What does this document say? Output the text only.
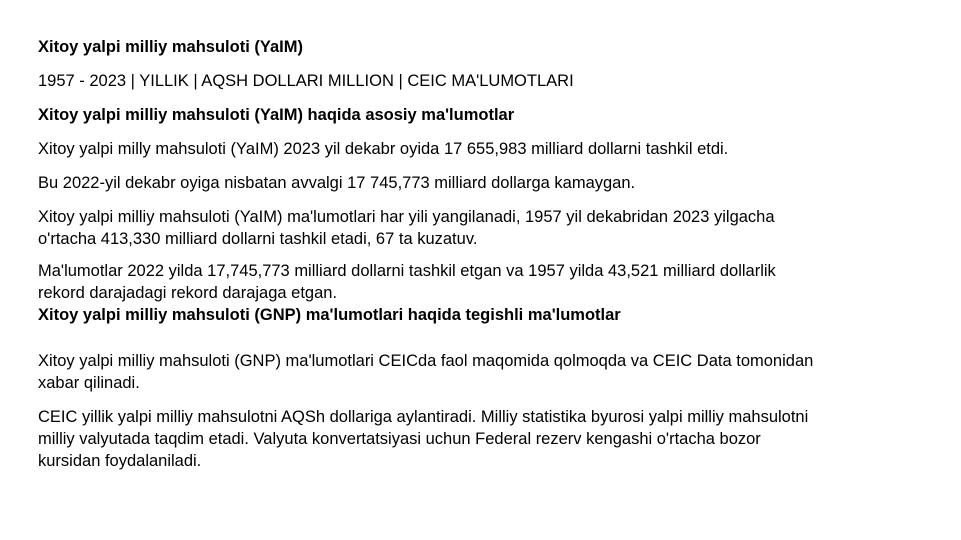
Xitoy yalpi milliy mahsuloti (YaIM)

1957 - 2023 | YILLIK | AQSH DOLLARI MILLION | CEIC MA'LUMOTLARI

Xitoy yalpi milliy mahsuloti (YaIM) haqida asosiy ma'lumotlar

Xitoy yalpi milly mahsuloti (YaIM) 2023 yil dekabr oyida 17 655,983 milliard dollarni tashkil etdi.

Bu 2022-yil dekabr oyiga nisbatan avvalgi 17 745,773 milliard dollarga kamaygan.

Xitoy yalpi milliy mahsuloti (YaIM) ma'lumotlari har yili yangilanadi, 1957 yil dekabridan 2023 yilgacha

o'rtacha 413,330 milliard dollarni tashkil etadi, 67 ta kuzatuv.

Ma'lumotlar 2022 yilda 17,745,773 milliard dollarni tashkil etgan va 1957 yilda 43,521 milliard dollarlik

rekord darajadagi rekord darajaga etgan.

Xitoy yalpi milliy mahsuloti (GNP) ma'lumotlari haqida tegishli ma'lumotlar

Xitoy yalpi milliy mahsuloti (GNP) ma'lumotlari CEICda faol maqomida qolmoqda va CEIC Data tomonidan

xabar qilinadi.

CEIC yillik yalpi milliy mahsulotni AQSh dollariga aylantiradi. Milliy statistika byurosi yalpi milliy mahsulotni

milliy valyutada taqdim etadi. Valyuta konvertatsiyasi uchun Federal rezerv kengashi o'rtacha bozor

kursidan foydalaniladi.
